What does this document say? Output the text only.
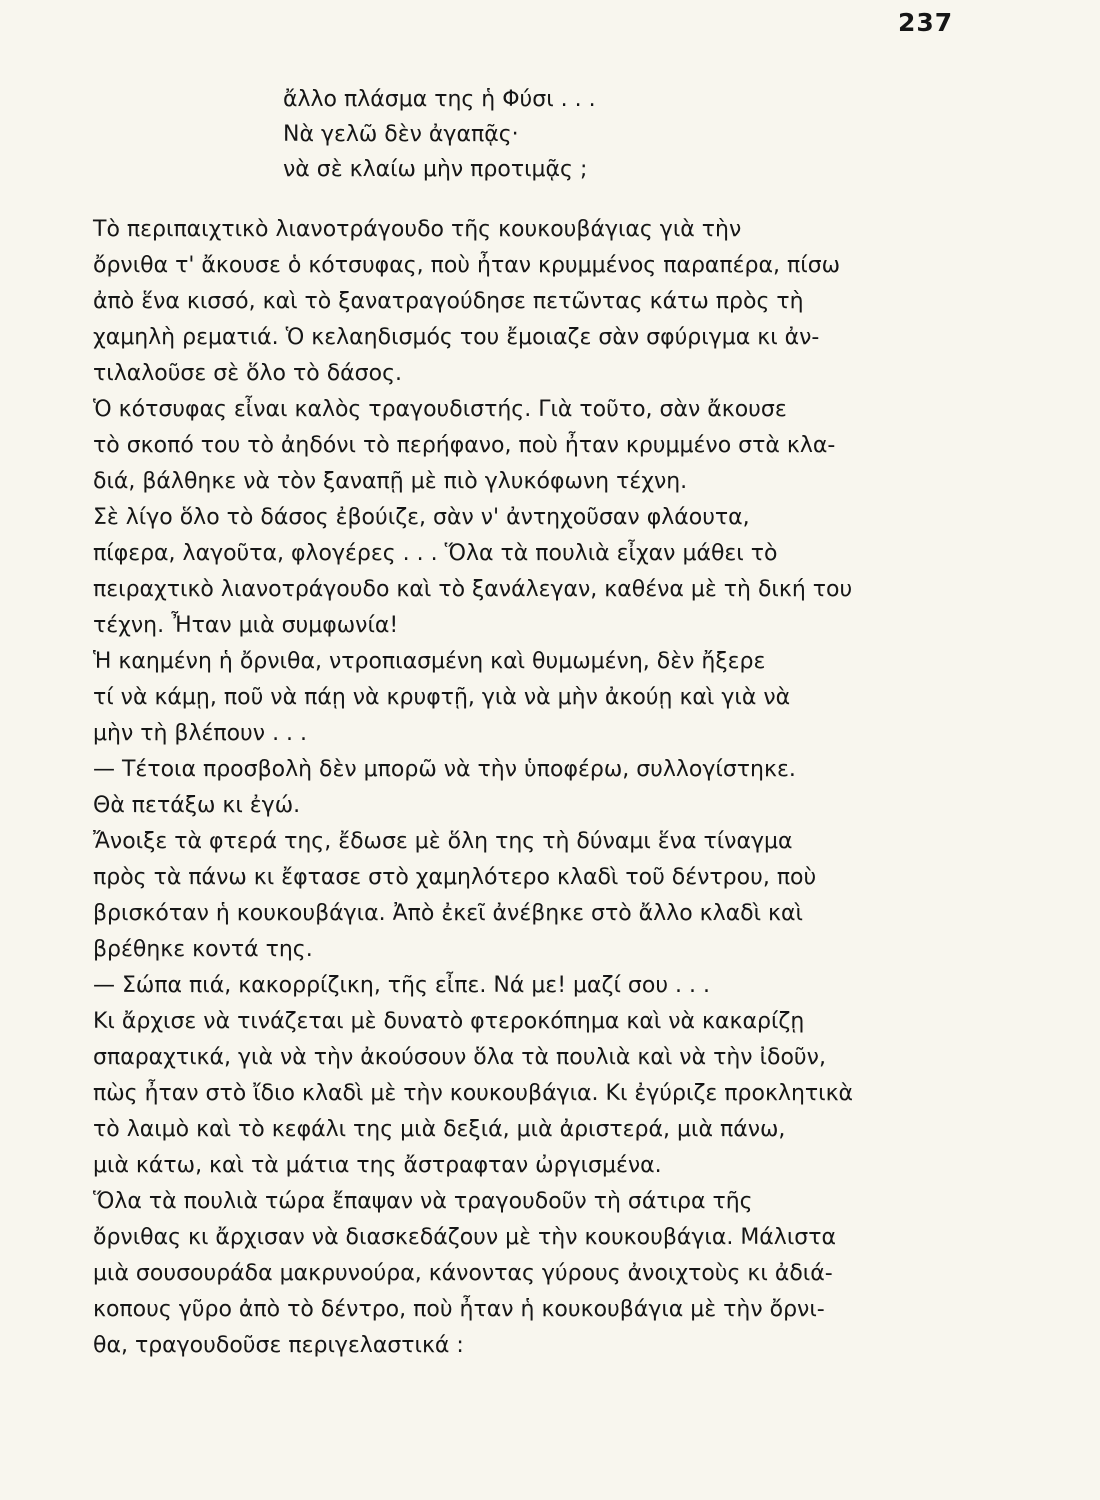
237
ἄλλο πλάσμα της ἡ Φύσι . . .
Νὰ γελῶ δὲν ἀγαπᾷς·
νὰ σὲ κλαίω μὴν προτιμᾷς ;
Τὸ περιπαιχτικὸ λιανοτράγουδο τῆς κουκουβάγιας γιὰ τὴν
ὄρνιθα τ' ἄκουσε ὁ κότσυφας, ποὺ ἦταν κρυμμένος παραπέρα, πίσω
ἀπὸ ἕνα κισσό, καὶ τὸ ξανατραγούδησε πετῶντας κάτω πρὸς τὴ
χαμηλὴ ρεματιά. Ὁ κελαηδισμός του ἔμοιαζε σὰν σφύριγμα κι ἀν-
τιλαλοῦσε σὲ ὅλο τὸ δάσος.
Ὁ κότσυφας εἶναι καλὸς τραγουδιστής. Γιὰ τοῦτο, σὰν ἄκουσε
τὸ σκοπό του τὸ ἀηδόνι τὸ περήφανο, ποὺ ἦταν κρυμμένο στὰ κλα-
διά, βάλθηκε νὰ τὸν ξαναπῇ μὲ πιὸ γλυκόφωνη τέχνη.
Σὲ λίγο ὅλο τὸ δάσος ἐβούιζε, σὰν ν' ἀντηχοῦσαν φλάουτα,
πίφερα, λαγοῦτα, φλογέρες . . . Ὅλα τὰ πουλιὰ εἶχαν μάθει τὸ
πειραχτικὸ λιανοτράγουδο καὶ τὸ ξανάλεγαν, καθένα μὲ τὴ δική του
τέχνη. Ἦταν μιὰ συμφωνία!
Ἡ καημένη ἡ ὄρνιθα, ντροπιασμένη καὶ θυμωμένη, δὲν ἤξερε
τί νὰ κάμῃ, ποῦ νὰ πάῃ νὰ κρυφτῇ, γιὰ νὰ μὴν ἀκούῃ καὶ γιὰ νὰ
μὴν τὴ βλέπουν . . .
— Τέτοια προσβολὴ δὲν μπορῶ νὰ τὴν ὑποφέρω, συλλογίστηκε.
Θὰ πετάξω κι ἐγώ.
Ἄνοιξε τὰ φτερά της, ἔδωσε μὲ ὅλη της τὴ δύναμι ἕνα τίναγμα
πρὸς τὰ πάνω κι ἔφτασε στὸ χαμηλότερο κλαδὶ τοῦ δέντρου, ποὺ
βρισκόταν ἡ κουκουβάγια. Ἀπὸ ἐκεῖ ἀνέβηκε στὸ ἄλλο κλαδὶ καὶ
βρέθηκε κοντά της.
— Σώπα πιά, κακορρίζικη, τῆς εἶπε. Νά με! μαζί σου . . .
Κι ἄρχισε νὰ τινάζεται μὲ δυνατὸ φτεροκόπημα καὶ νὰ κακαρίζῃ
σπαραχτικά, γιὰ νὰ τὴν ἀκούσουν ὅλα τὰ πουλιὰ καὶ νὰ τὴν ἰδοῦν,
πὼς ἦταν στὸ ἴδιο κλαδὶ μὲ τὴν κουκουβάγια. Κι ἐγύριζε προκλητικὰ
τὸ λαιμὸ καὶ τὸ κεφάλι της μιὰ δεξιά, μιὰ ἀριστερά, μιὰ πάνω,
μιὰ κάτω, καὶ τὰ μάτια της ἄστραφταν ὠργισμένα.
Ὅλα τὰ πουλιὰ τώρα ἔπαψαν νὰ τραγουδοῦν τὴ σάτιρα τῆς
ὄρνιθας κι ἄρχισαν νὰ διασκεδάζουν μὲ τὴν κουκουβάγια. Μάλιστα
μιὰ σουσουράδα μακρυνούρα, κάνοντας γύρους ἀνοιχτοὺς κι ἀδιά-
κοπους γῦρο ἀπὸ τὸ δέντρο, ποὺ ἦταν ἡ κουκουβάγια μὲ τὴν ὄρνι-
θα, τραγουδοῦσε περιγελαστικά :
